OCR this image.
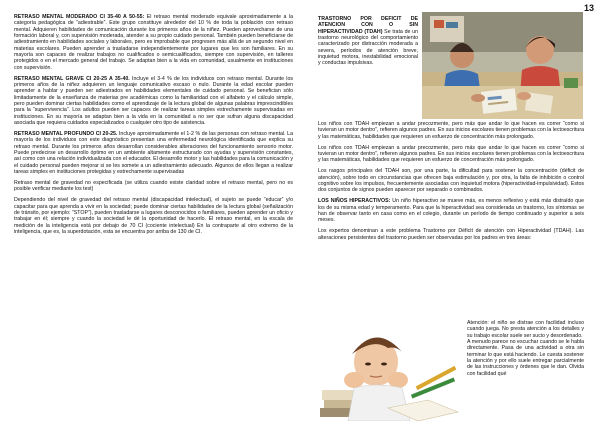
13

RETRASO MENTAL MODERADO CI 35-40 A 50-55: El retraso mental moderado equivale aproximadamente a la categoría pedagógica de “adiestrable”. Este grupo constituye alrededor del 10 % de toda la población con retraso mental. Adquieren habilidades de comunicación durante los primeros años de la niñez. Pueden aprovecharse de una formación laboral y, con supervisión moderada, atender a su propio cuidado personal. También pueden beneficiarse de adiestramiento en habilidades sociales y laborales, pero es improbable que progresen más allá de un segundo nivel en materias escolares. Pueden aprender a trasladarse independientemente por lugares que les son familiares. En su mayoría son capaces de realizar trabajos no cualificados o semicualificados, siempre con supervisión, en talleres protegidos o en el mercado general del trabajo. Se adaptan bien a la vida en comunidad, usualmente en instituciones con supervisión.

RETRASO MENTAL GRAVE CI 20-25 A 35-40. Incluye el 3-4 % de los individuos con retraso mental. Durante los primeros años de la niñez adquieren un lenguaje comunicativo escaso o nulo. Durante la edad escolar pueden aprender a hablar y pueden ser adiestrados en habilidades elementales de cuidado personal. Se benefician sólo limitadamente de la enseñanza de materias pre académicas como la familiaridad con el alfabeto y el cálculo simple, pero pueden dominar ciertas habilidades como el aprendizaje de la lectura global de algunas palabras imprescindibles para la “supervivencia”. Los adultos pueden ser capaces de realizar tareas simples estrechamente supervisadas en instituciones. En su mayoría se adaptan bien a la vida en la comunidad a no ser que sufran alguna discapacidad asociada que requiera cuidados especializados o cualquier otro tipo de asistencia.

RETRASO MENTAL PROFUNDO CI 20-25. Incluye aproximadamente el 1-2 % de las personas con retraso mental. La mayoría de los individuos con este diagnóstico presentan una enfermedad neurológica identificada que explica su retraso mental. Durante los primeros años desarrollan considerables alteraciones del funcionamiento sensorio motor. Puede predecirse un desarrollo óptimo en un ambiente altamente estructurado con ayudas y supervisión constantes, así como con una relación individualizada con el educador. El desarrollo motor y las habilidades para la comunicación y el cuidado personal pueden mejorar si se les somete a un adiestramiento adecuado. Algunos de ellos llegan a realizar tareas simples en instituciones protegidas y estrechamente supervisadas

Retraso mental de gravedad no especificada (se utiliza cuando existe claridad sobre el retraso mental, pero no es posible verificar mediante los test)

Dependiendo del nivel de gravedad del retraso mental (discapacidad intelectual), el sujeto se puede “educar” y/o capacitar para que aprenda a vivir en la sociedad; puede dominar ciertas habilidades de la lectura global (señalización de tránsito, por ejemplo: “STOP”), pueden trasladarse a lugares desconocidos o familiares, pueden aprender un oficio y trabajar en él; siempre y cuando la sociedad le dé la oportunidad de hacerlo. El retraso mental, en la escala de medición de la inteligencia está por debajo de 70 CI (cociente intelectual) En la contraparte al otro extremo de la inteligencia, que es, la superdotación, esta se encuentra por arriba de 130 de CI.

TRASTORNO POR DEFICIT DE ATENCION CON O SIN HIPERACTIVIDAD (TDAH) Se trata de un trastorno neurológico del comportamiento caracterizado por distracción moderada a severa, períodos de atención breve, inquietud motora, inestabilidad emocional y conductas impulsivas.

Los niños con TDAH empiezan a andar precozmente, pero más que andar lo que hacen es correr “como si tuvieran un motor dentro”, refieren algunos padres. En sus inicios escolares tienen problemas con la lectoescritura y las matemáticas, habilidades que requieren un esfuerzo de concentración más prolongado.

Los niños con TDAH empiezan a andar precozmente, pero más que andar lo que hacen es correr “como si tuvieran un motor dentro”, refieren algunos padres. En sus inicios escolares tienen problemas con la lectoescritura y las matemáticas, habilidades que requieren un esfuerzo de concentración más prolongado.

Los rasgos principales del TDAH son, por una parte, la dificultad para sostener la concentración (déficit de atención), sobre todo en circunstancias que ofrecen baja estimulación y, por otra, la falta de inhibición o control cognitivo sobre los impulsos, frecuentemente asociadas con inquietud motora (hiperactividad-impulsividad). Estos dos conjuntos de signos pueden aparecer por separado o combinados.

LOS NIÑOS HIPERACTIVOS: Un niño hiperactivo se mueve más, es menos reflexivo y está más distraído que los de su misma edad y temperamento. Para que la hiperactividad sea considerada un trastorno, los síntomas se han de observar tanto en casa como en el colegio, durante un período de tiempo continuado y superior a seis meses.

Los expertos denominan a este problema Trastorno por Déficit de atención con Hiperactividad (TDAH). Las alteraciones persistentes del trastorno pueden ser observadas por los padres en tres áreas:

Atención: el niño se distrae con facilidad incluso cuando juega. No presta atención a los detalles y su trabajo escolar suele ser sucio y desordenado.

A menudo parece no escuchar cuando se le habla directamente. Pasa de una actividad a otra sin terminar lo que está haciendo. Le cuesta sostener la atención y por ello suele entregar parcialmente de las instrucciones y órdenes que le dan. Olvida con facilidad qué
